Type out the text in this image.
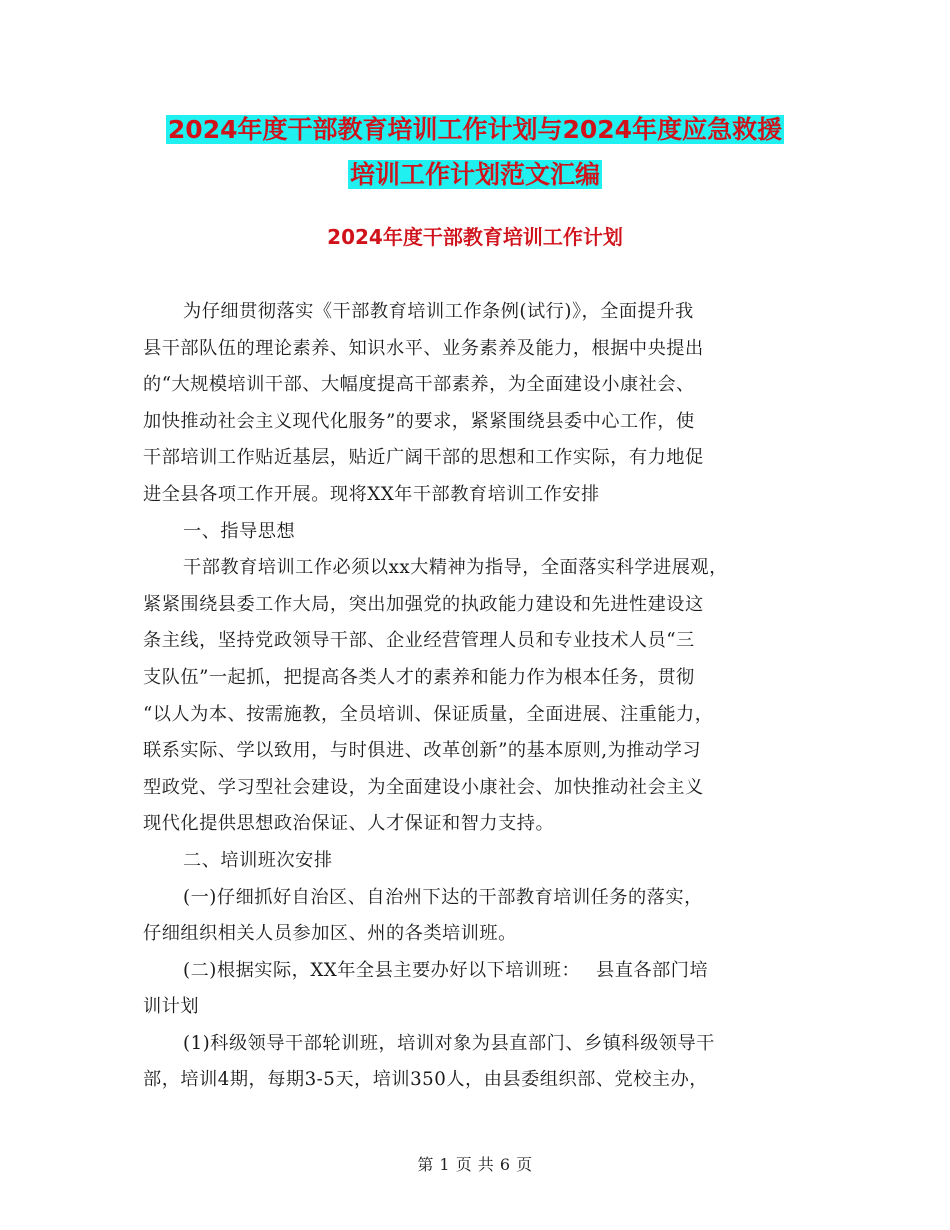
2024年度干部教育培训工作计划与2024年度应急救援
培训工作计划范文汇编
2024年度干部教育培训工作计划
为仔细贯彻落实《干部教育培训工作条例(试行)》，全面提升我
县干部队伍的理论素养、知识水平、业务素养及能力，根据中央提出
的“大规模培训干部、大幅度提高干部素养，为全面建设小康社会、
加快推动社会主义现代化服务”的要求，紧紧围绕县委中心工作，使
干部培训工作贴近基层，贴近广阔干部的思想和工作实际，有力地促
进全县各项工作开展。现将XX年干部教育培训工作安排
一、指导思想
干部教育培训工作必须以xx大精神为指导，全面落实科学进展观，
紧紧围绕县委工作大局，突出加强党的执政能力建设和先进性建设这
条主线，坚持党政领导干部、企业经营管理人员和专业技术人员“三
支队伍”一起抓，把提高各类人才的素养和能力作为根本任务，贯彻
“以人为本、按需施教，全员培训、保证质量，全面进展、注重能力，
联系实际、学以致用，与时俱进、改革创新”的基本原则,为推动学习
型政党、学习型社会建设，为全面建设小康社会、加快推动社会主义
现代化提供思想政治保证、人才保证和智力支持。
二、培训班次安排
(一)仔细抓好自治区、自治州下达的干部教育培训任务的落实，
仔细组织相关人员参加区、州的各类培训班。
(二)根据实际，XX年全县主要办好以下培训班：　 县直各部门培
训计划
(1)科级领导干部轮训班，培训对象为县直部门、乡镇科级领导干
部，培训4期，每期3-5天，培训350人，由县委组织部、党校主办，
第 1 页 共 6 页
